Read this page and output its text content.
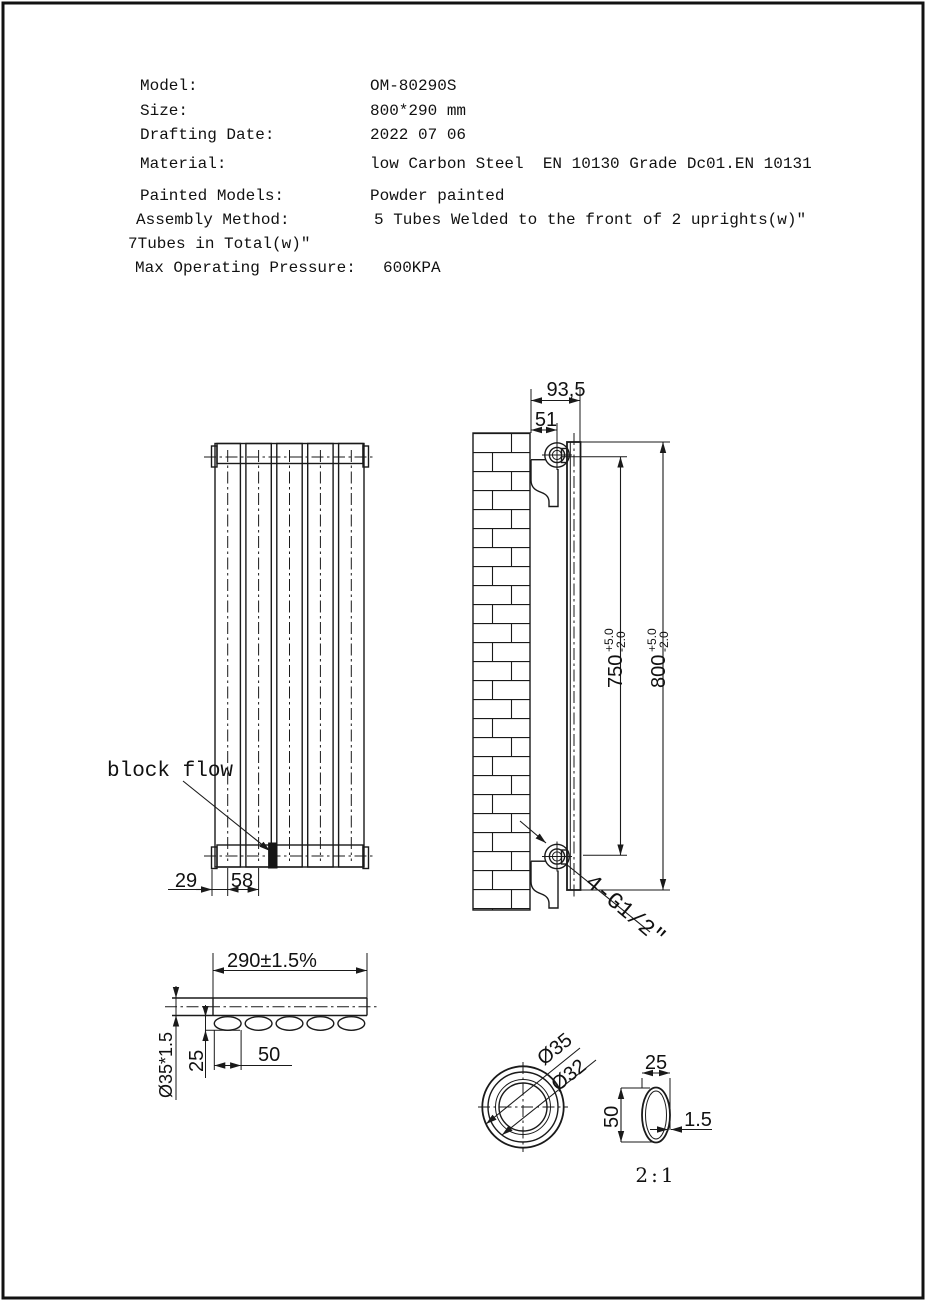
Model:	OM-80290S
Size:	800*290 mm
Drafting Date:	2022 07 06
Material:	low Carbon Steel  EN 10130 Grade Dc01.EN 10131
Painted Models:	Powder painted
Assembly Method:	5 Tubes Welded to the front of 2 uprights(w)″
7Tubes in Total(w)″
Max Operating Pressure: 600KPA
block flow
29 58	4-G1/2″
93,5
51
750
+5.0
-2.0
800
+5.0
-2.0
290±1.5%
Ø35*1.5 25	50	Ø35
Ø32	25
50	1.5
2:1
